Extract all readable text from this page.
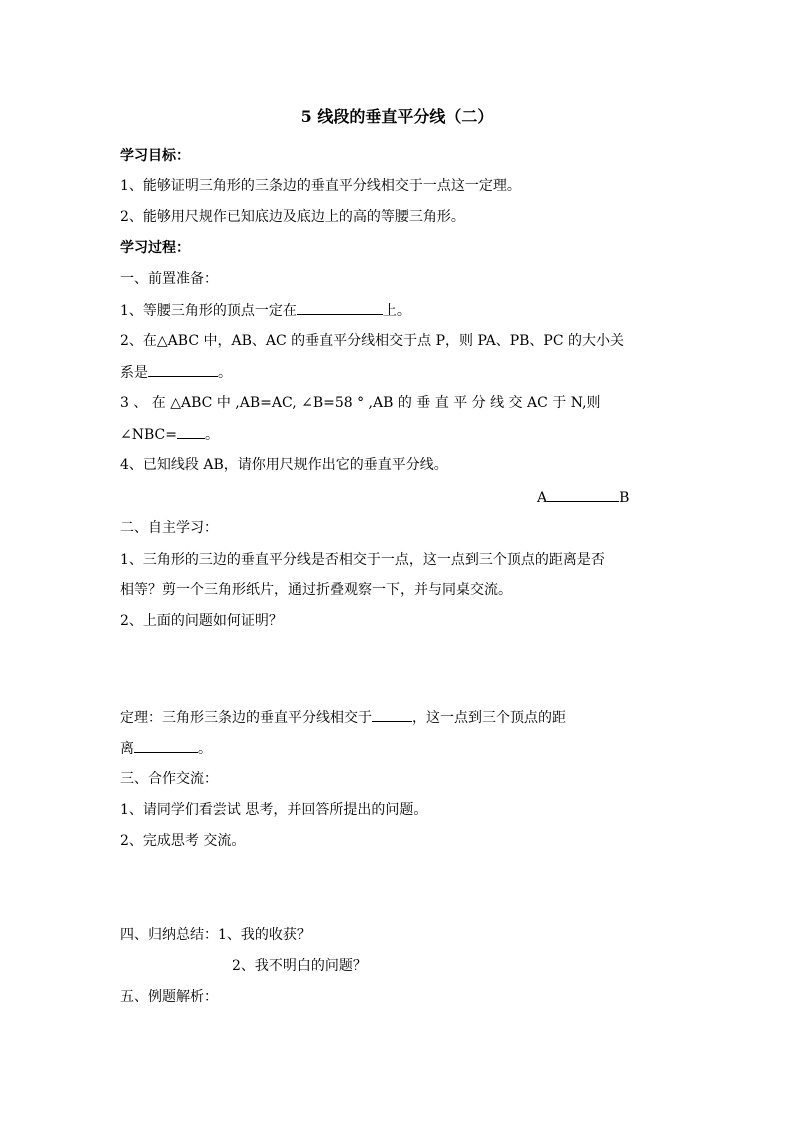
5 线段的垂直平分线（二）
学习目标：
1、能够证明三角形的三条边的垂直平分线相交于一点这一定理。
2、能够用尺规作已知底边及底边上的高的等腰三角形。
学习过程：
一、前置准备：
1、等腰三角形的顶点一定在	上。
2、在△ABC 中，AB、AC 的垂直平分线相交于点 P，则 PA、PB、PC 的大小关
系是	。
3 、 在 △ABC 中 ,AB=AC, ∠B=58 ° ,AB 的 垂 直 平 分 线 交 AC 于 N,则
∠NBC= 。
4、已知线段 AB，请你用尺规作出它的垂直平分线。
A	B
二、自主学习：
1、三角形的三边的垂直平分线是否相交于一点，这一点到三个顶点的距离是否
相等？剪一个三角形纸片，通过折叠观察一下，并与同桌交流。
2、上面的问题如何证明？
定理：三角形三条边的垂直平分线相交于	，这一点到三个顶点的距
离	。
三、合作交流：
1、请同学们看尝试 思考，并回答所提出的问题。
2、完成思考 交流。
四、归纳总结：1、我的收获？
2、我不明白的问题？
五、例题解析：
